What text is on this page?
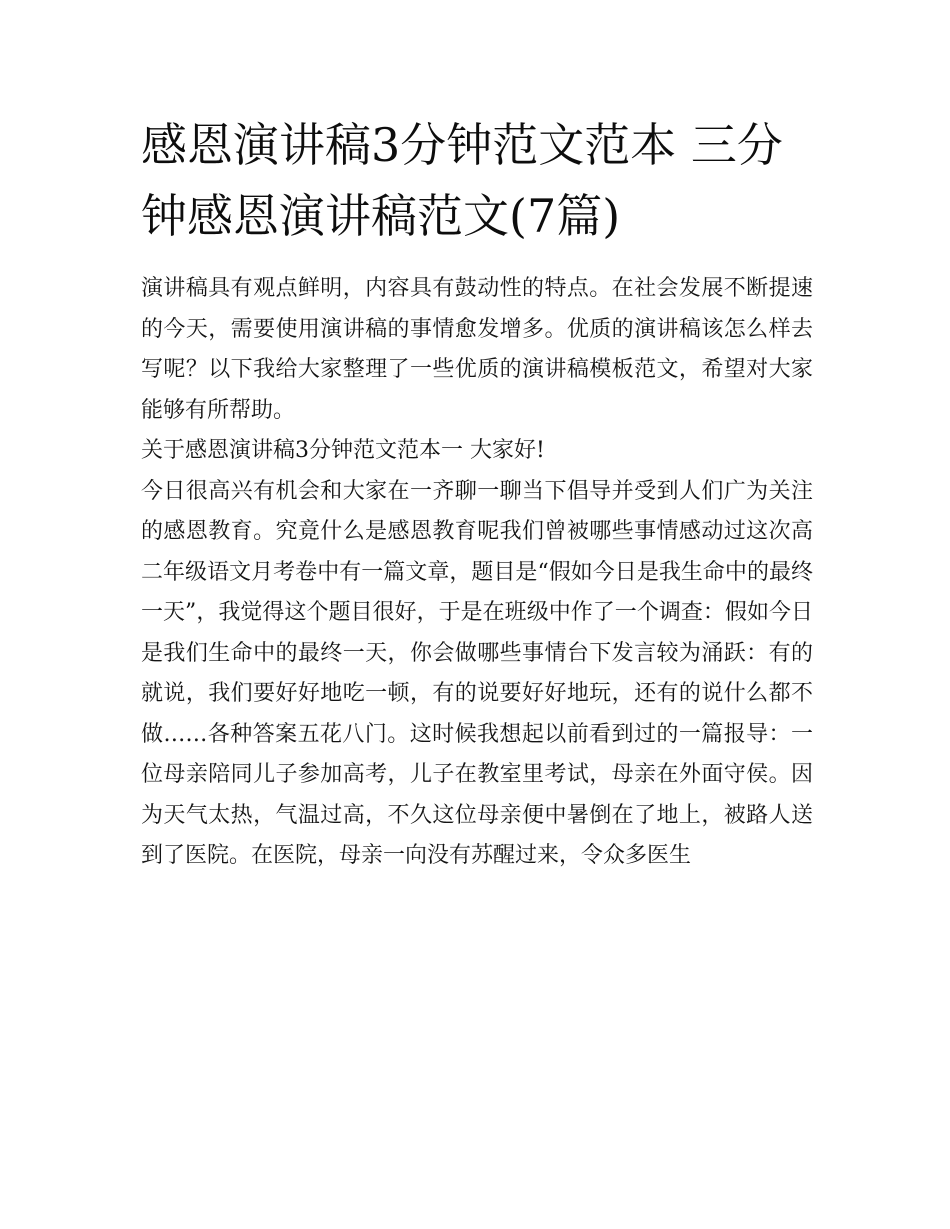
感恩演讲稿3分钟范文范本 三分钟感恩演讲稿范文(7篇)

演讲稿具有观点鲜明，内容具有鼓动性的特点。在社会发展不断提速的今天，需要使用演讲稿的事情愈发增多。优质的演讲稿该怎么样去写呢？以下我给大家整理了一些优质的演讲稿模板范文，希望对大家能够有所帮助。

关于感恩演讲稿3分钟范文范本一 大家好!

今日很高兴有机会和大家在一齐聊一聊当下倡导并受到人们广为关注的感恩教育。究竟什么是感恩教育呢我们曾被哪些事情感动过这次高二年级语文月考卷中有一篇文章，题目是“假如今日是我生命中的最终一天”，我觉得这个题目很好，于是在班级中作了一个调查：假如今日是我们生命中的最终一天，你会做哪些事情台下发言较为涌跃：有的就说，我们要好好地吃一顿，有的说要好好地玩，还有的说什么都不做……各种答案五花八门。这时候我想起以前看到过的一篇报导：一位母亲陪同儿子参加高考，儿子在教室里考试，母亲在外面守侯。因为天气太热，气温过高，不久这位母亲便中暑倒在了地上，被路人送到了医院。在医院，母亲一向没有苏醒过来，令众多医生
